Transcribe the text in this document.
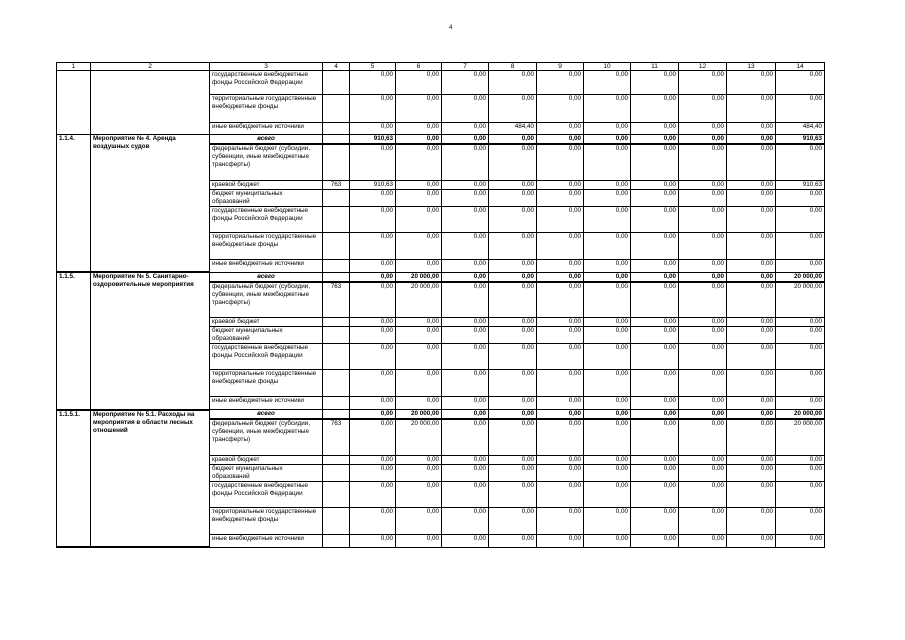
4
1	2	3	4	5	6	7	8	9	10	11	12	13	14
		государственные внебюджетные фонды Российской Федерации		0,00	0,00	0,00	0,00	0,00	0,00	0,00	0,00	0,00	0,00
		территориальные государственные внебюджетные фонды		0,00	0,00	0,00	0,00	0,00	0,00	0,00	0,00	0,00	0,00
		иные внебюджетные источники		0,00	0,00	0,00	484,40	0,00	0,00	0,00	0,00	0,00	484,40
1.1.4.	Мероприятие № 4. Аренда воздушных судов	всего		910,63	0,00	0,00	0,00	0,00	0,00	0,00	0,00	0,00	910,63
		федеральный бюджет (субсидии, субвенции, иные межбюджетные трансферты)		0,00	0,00	0,00	0,00	0,00	0,00	0,00	0,00	0,00	0,00
		краевой бюджет	763	910,63	0,00	0,00	0,00	0,00	0,00	0,00	0,00	0,00	910,63
		бюджет муниципальных образований		0,00	0,00	0,00	0,00	0,00	0,00	0,00	0,00	0,00	0,00
		государственные внебюджетные фонды Российской Федерации		0,00	0,00	0,00	0,00	0,00	0,00	0,00	0,00	0,00	0,00
		территориальные государственные внебюджетные фонды		0,00	0,00	0,00	0,00	0,00	0,00	0,00	0,00	0,00	0,00
		иные внебюджетные источники		0,00	0,00	0,00	0,00	0,00	0,00	0,00	0,00	0,00	0,00
1.1.5.	Мероприятие № 5. Санитарно-оздоровительные мероприятия	всего		0,00	20 000,00	0,00	0,00	0,00	0,00	0,00	0,00	0,00	20 000,00
		федеральный бюджет (субсидии, субвенции, иные межбюджетные трансферты)	763	0,00	20 000,00	0,00	0,00	0,00	0,00	0,00	0,00	0,00	20 000,00
		краевой бюджет		0,00	0,00	0,00	0,00	0,00	0,00	0,00	0,00	0,00	0,00
		бюджет муниципальных образований		0,00	0,00	0,00	0,00	0,00	0,00	0,00	0,00	0,00	0,00
		государственные внебюджетные фонды Российской Федерации		0,00	0,00	0,00	0,00	0,00	0,00	0,00	0,00	0,00	0,00
		территориальные государственные внебюджетные фонды		0,00	0,00	0,00	0,00	0,00	0,00	0,00	0,00	0,00	0,00
		иные внебюджетные источники		0,00	0,00	0,00	0,00	0,00	0,00	0,00	0,00	0,00	0,00
1.1.5.1.	Мероприятие № 5.1. Расходы на мероприятия в области лесных отношений	всего		0,00	20 000,00	0,00	0,00	0,00	0,00	0,00	0,00	0,00	20 000,00
		федеральный бюджет (субсидии, субвенции, иные межбюджетные трансферты)	763	0,00	20 000,00	0,00	0,00	0,00	0,00	0,00	0,00	0,00	20 000,00
		краевой бюджет		0,00	0,00	0,00	0,00	0,00	0,00	0,00	0,00	0,00	0,00
		бюджет муниципальных образований		0,00	0,00	0,00	0,00	0,00	0,00	0,00	0,00	0,00	0,00
		государственные внебюджетные фонды Российской Федерации		0,00	0,00	0,00	0,00	0,00	0,00	0,00	0,00	0,00	0,00
		территориальные государственные внебюджетные фонды		0,00	0,00	0,00	0,00	0,00	0,00	0,00	0,00	0,00	0,00
		иные внебюджетные источники		0,00	0,00	0,00	0,00	0,00	0,00	0,00	0,00	0,00	0,00
